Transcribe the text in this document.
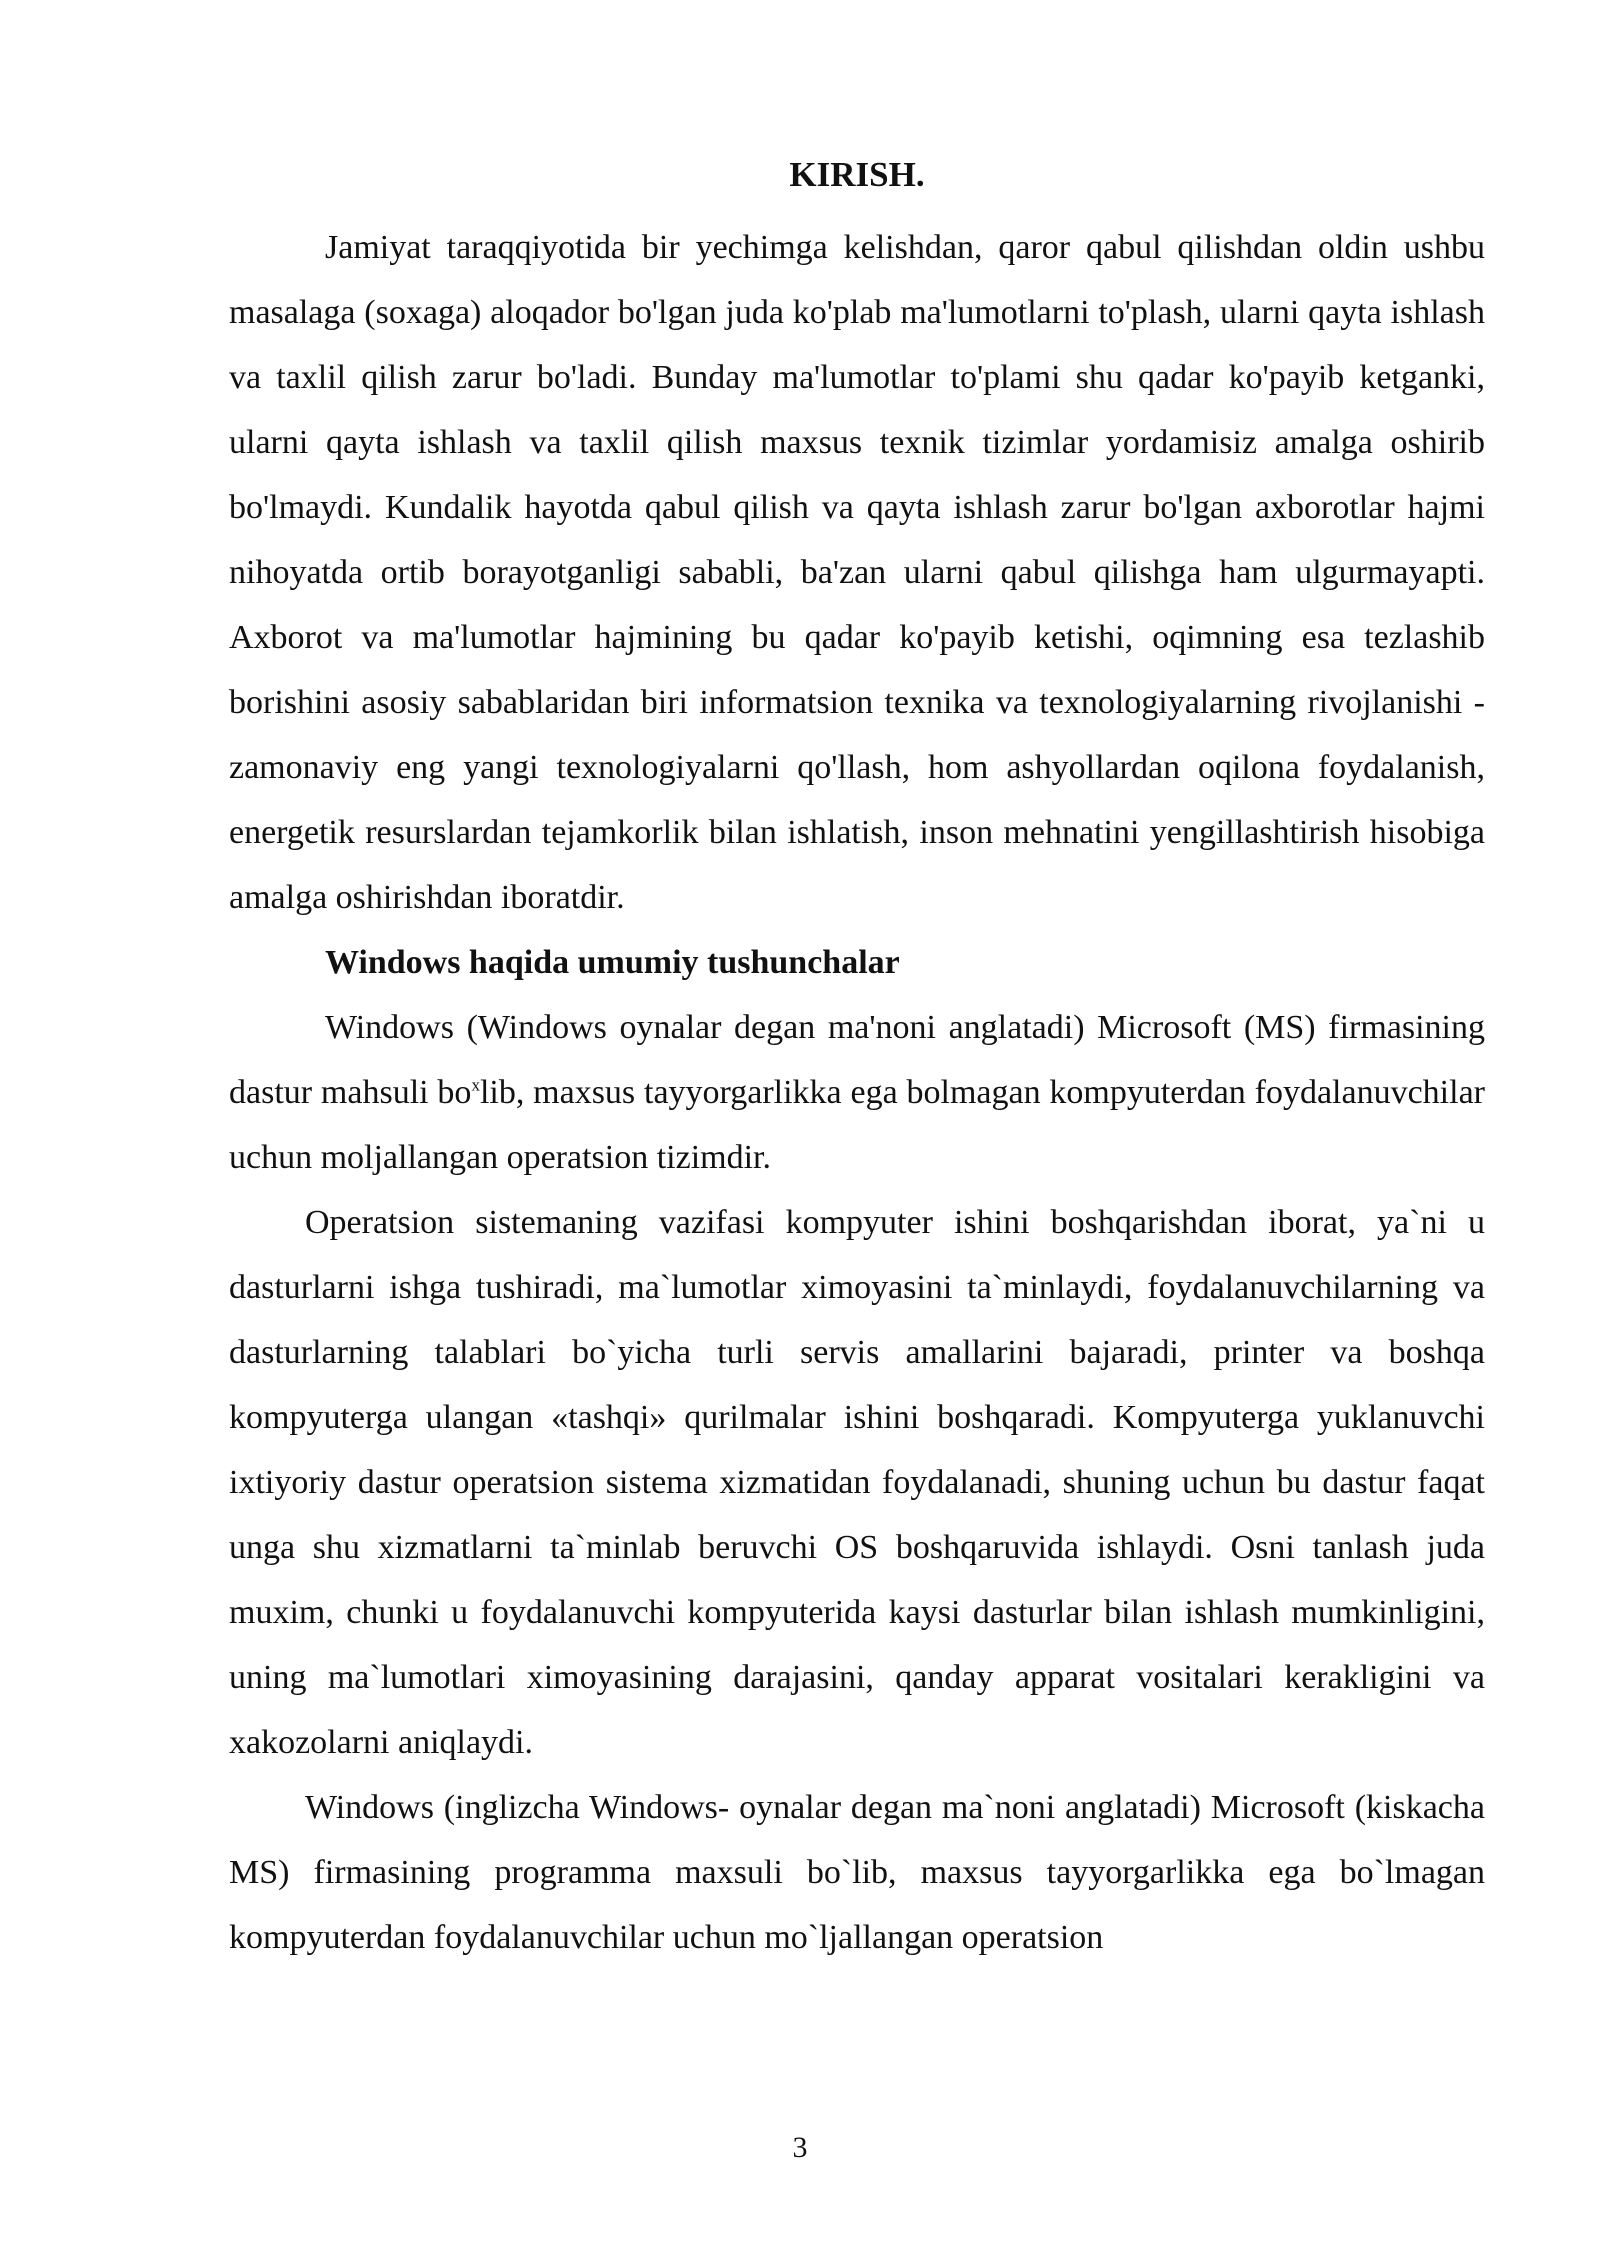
KIRISH.

Jamiyat taraqqiyotida bir yechimga kelishdan, qaror qabul qilishdan oldin ushbu masalaga (soxaga) aloqador bo'lgan juda ko'plab ma'lumotlarni to'plash, ularni qayta ishlash va taxlil qilish zarur bo'ladi. Bunday ma'lumotlar to'plami shu qadar ko'payib ketganki, ularni qayta ishlash va taxlil qilish maxsus texnik tizimlar yordamisiz amalga oshirib bo'lmaydi. Kundalik hayotda qabul qilish va qayta ishlash zarur bo'lgan axborotlar hajmi nihoyatda ortib borayotganligi sababli, ba'zan ularni qabul qilishga ham ulgurmayapti. Axborot va ma'lumotlar hajmining bu qadar ko'payib ketishi, oqimning esa tezlashib borishini asosiy sabablaridan biri informatsion texnika va texnologiyalarning rivojlanishi - zamonaviy eng yangi texnologiyalarni qo'llash, hom ashyollardan oqilona foydalanish, energetik resurslardan tejamkorlik bilan ishlatish, inson mehnatini yengillashtirish hisobiga amalga oshirishdan iboratdir.

Windows haqida umumiy tushunchalar

Windows (Windows oynalar degan ma'noni anglatadi) Microsoft (MS) firmasining dastur mahsuli $bo^xlib$, maxsus tayyorgarlikka ega bolmagan kompyuterdan foydalanuvchilar uchun moljallangan operatsion tizimdir.

Operatsion sistemaning vazifasi kompyuter ishini boshqarishdan iborat, ya`ni u dasturlarni ishga tushiradi, ma`lumotlar ximoyasini ta`minlaydi, foydalanuvchilarning va dasturlarning talablari bo`yicha turli servis amallarini bajaradi, printer va boshqa kompyuterga ulangan «tashqi» qurilmalar ishini boshqaradi. Kompyuterga yuklanuvchi ixtiyoriy dastur operatsion sistema xizmatidan foydalanadi, shuning uchun bu dastur faqat unga shu xizmatlarni ta`minlab beruvchi OS boshqaruvida ishlaydi. Osni tanlash juda muxim, chunki u foydalanuvchi kompyuterida kaysi dasturlar bilan ishlash mumkinligini, uning ma`lumotlari ximoyasining darajasini, qanday apparat vositalari kerakligini va xakozolarni aniqlaydi.

Windows (inglizcha Windows- oynalar degan ma`noni anglatadi) Microsoft (kiskacha MS) firmasining programma maxsuli bo`lib, maxsus tayyorgarlikka ega bo`lmagan kompyuterdan foydalanuvchilar uchun mo`ljallangan operatsion

3
